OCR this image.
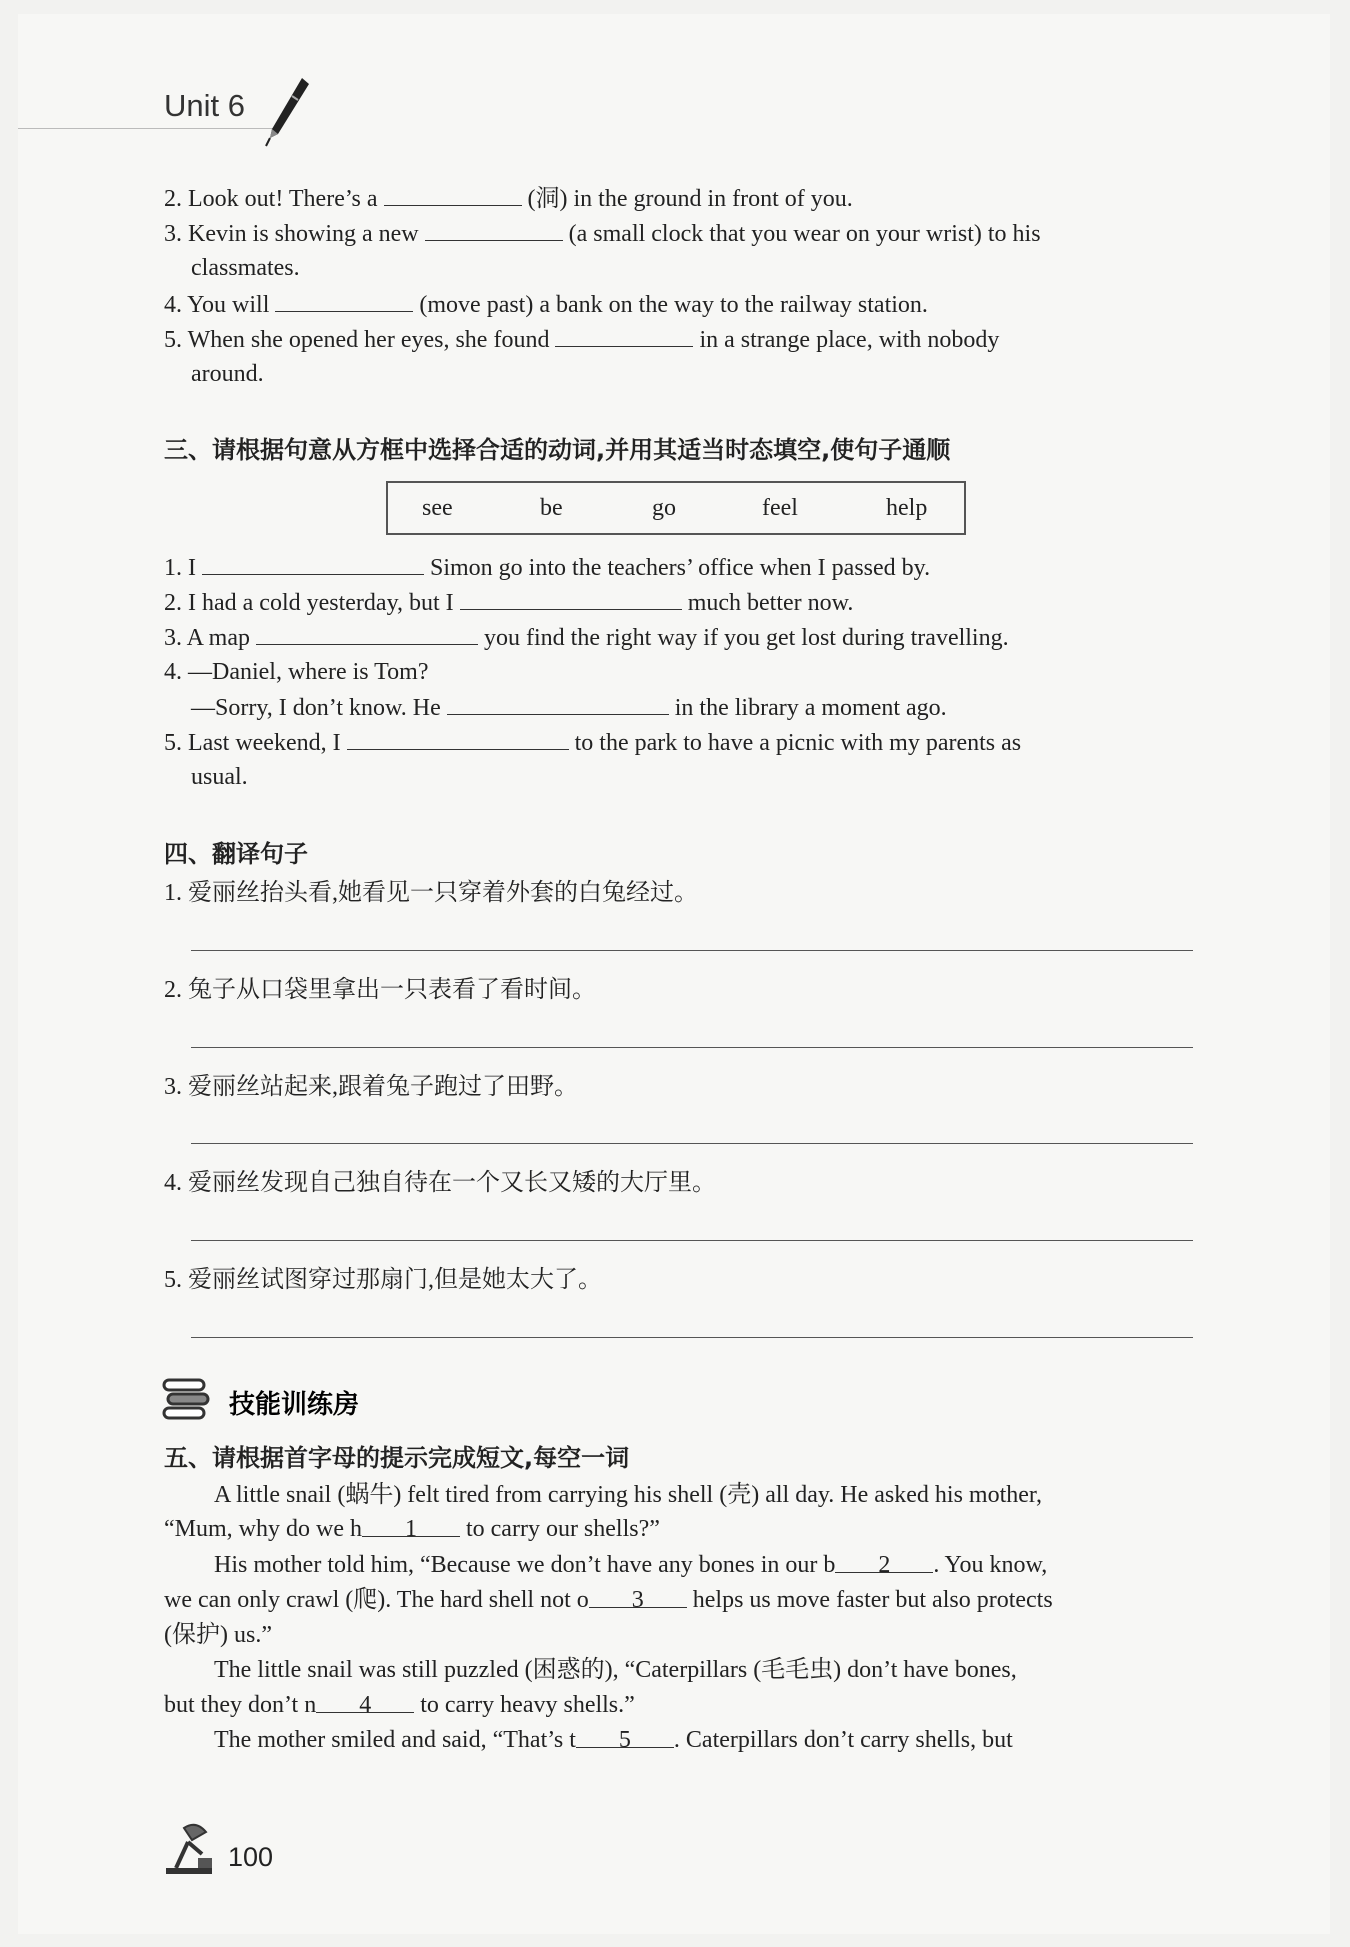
Unit 6
2. Look out! There’s a	(洞) in the ground in front of you.
3. Kevin is showing a new	(a small clock that you wear on your wrist) to his
classmates.
4. You will	(move past) a bank on the way to the railway station.
5. When she opened her eyes, she found	in a strange place, with nobody
around.
三、请根据句意从方框中选择合适的动词,并用其适当时态填空,使句子通顺
see	be	go	feel	help
1. I	Simon go into the teachers’ office when I passed by.
2. I had a cold yesterday, but I	much better now.
3. A map	you find the right way if you get lost during travelling.
4. —Daniel, where is Tom?
—Sorry, I don’t know. He	in the library a moment ago.
5. Last weekend, I	to the park to have a picnic with my parents as
usual.
四、翻译句子
1. 爱丽丝抬头看,她看见一只穿着外套的白兔经过。
2. 兔子从口袋里拿出一只表看了看时间。
3. 爱丽丝站起来,跟着兔子跑过了田野。
4. 爱丽丝发现自己独自待在一个又长又矮的大厅里。
5. 爱丽丝试图穿过那扇门,但是她太大了。
技能训练房
五、请根据首字母的提示完成短文,每空一词
A little snail (蜗牛) felt tired from carrying his shell (壳) all day. He asked his mother,
“Mum, why do we h 1 to carry our shells?”
His mother told him, “Because we don’t have any bones in our b 2 . You know,
we can only crawl (爬). The hard shell not o 3 helps us move faster but also protects
(保护) us.”
The little snail was still puzzled (困惑的), “Caterpillars (毛毛虫) don’t have bones,
but they don’t n 4 to carry heavy shells.”
The mother smiled and said, “That’s t 5 . Caterpillars don’t carry shells, but
100
